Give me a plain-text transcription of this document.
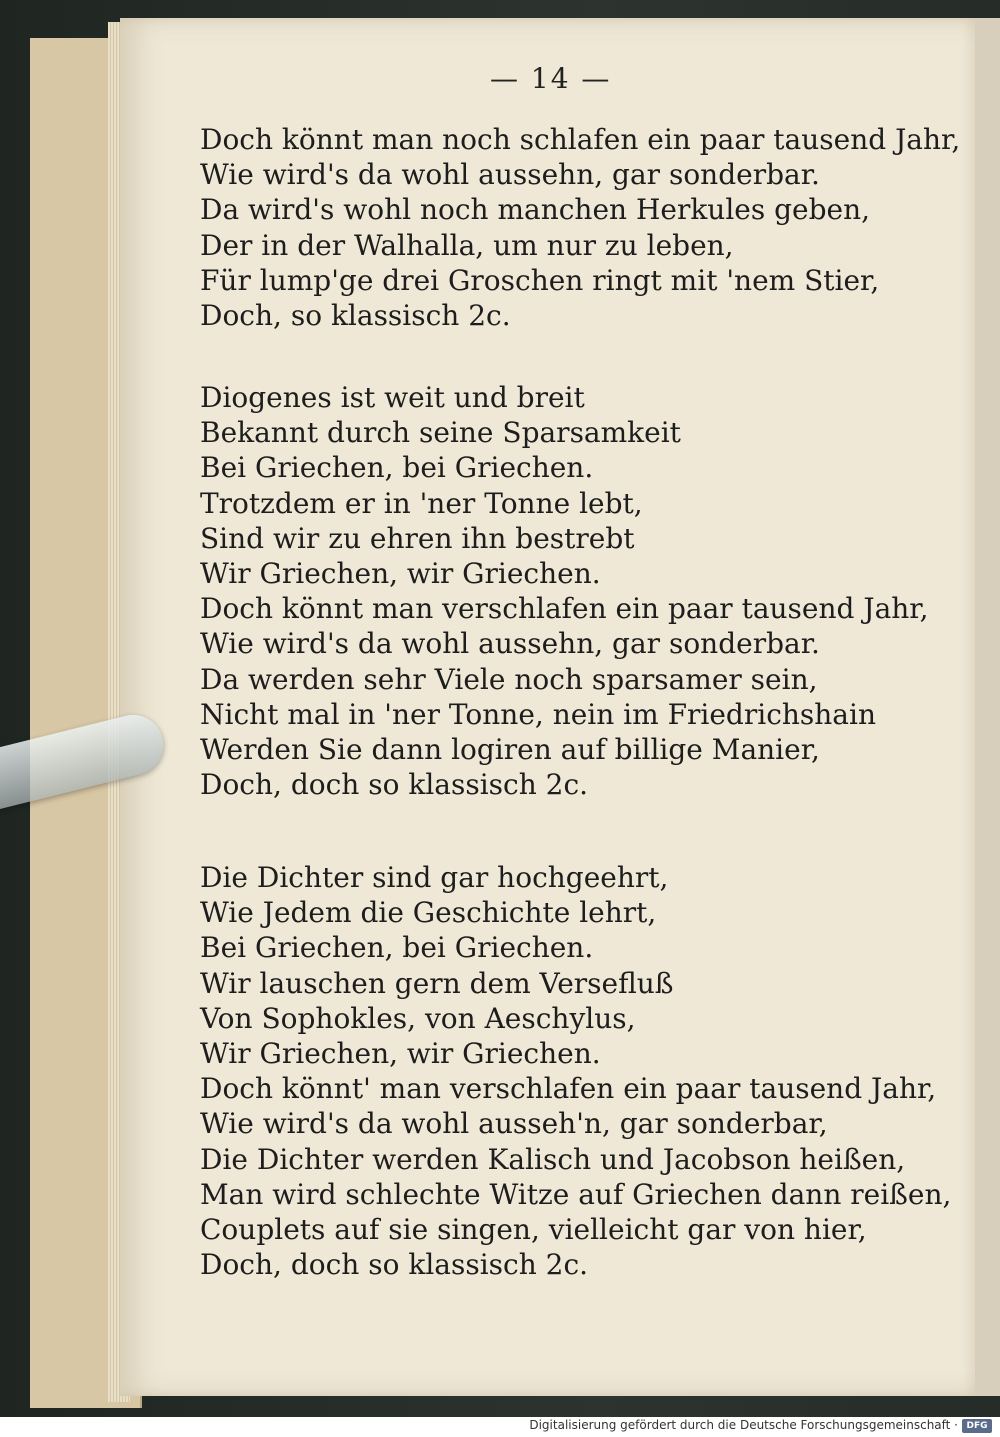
— 14 —
Doch könnt man noch schlafen ein paar tausend Jahr,
Wie wird's da wohl aussehn, gar sonderbar.
Da wird's wohl noch manchen Herkules geben,
Der in der Walhalla, um nur zu leben,
Für lump'ge drei Groschen ringt mit 'nem Stier,
Doch, so klassisch 2c.
Diogenes ist weit und breit
Bekannt durch seine Sparsamkeit
Bei Griechen, bei Griechen.
Trotzdem er in 'ner Tonne lebt,
Sind wir zu ehren ihn bestrebt
Wir Griechen, wir Griechen.
Doch könnt man verschlafen ein paar tausend Jahr,
Wie wird's da wohl aussehn, gar sonderbar.
Da werden sehr Viele noch sparsamer sein,
Nicht mal in 'ner Tonne, nein im Friedrichshain
Werden Sie dann logiren auf billige Manier,
Doch, doch so klassisch 2c.
Die Dichter sind gar hochgeehrt,
Wie Jedem die Geschichte lehrt,
Bei Griechen, bei Griechen.
Wir lauschen gern dem Versefluß
Von Sophokles, von Aeschylus,
Wir Griechen, wir Griechen.
Doch könnt' man verschlafen ein paar tausend Jahr,
Wie wird's da wohl ausseh'n, gar sonderbar,
Die Dichter werden Kalisch und Jacobson heißen,
Man wird schlechte Witze auf Griechen dann reißen,
Couplets auf sie singen, vielleicht gar von hier,
Doch, doch so klassisch 2c.
Digitalisierung gefördert durch die Deutsche Forschungsgemeinschaft · DFG
